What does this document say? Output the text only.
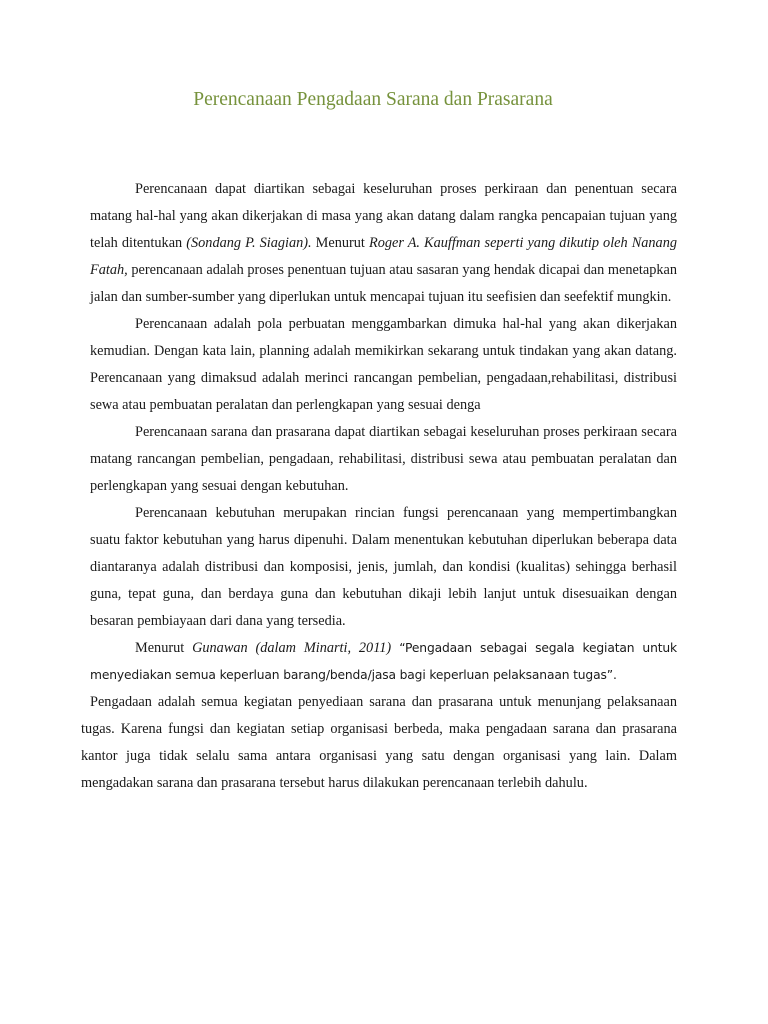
Perencanaan Pengadaan Sarana dan Prasarana

Perencanaan dapat diartikan sebagai keseluruhan proses perkiraan dan penentuan secara matang hal-hal yang akan dikerjakan di masa yang akan datang dalam rangka pencapaian tujuan yang telah ditentukan (Sondang P. Siagian). Menurut Roger A. Kauffman seperti yang dikutip oleh Nanang Fatah, perencanaan adalah proses penentuan tujuan atau sasaran yang hendak dicapai dan menetapkan jalan dan sumber-sumber yang diperlukan untuk mencapai tujuan itu seefisien dan seefektif mungkin.

Perencanaan adalah pola perbuatan menggambarkan dimuka hal-hal yang akan dikerjakan kemudian. Dengan kata lain, planning adalah memikirkan sekarang untuk tindakan yang akan datang. Perencanaan yang dimaksud adalah merinci rancangan pembelian, pengadaan,rehabilitasi, distribusi sewa atau pembuatan peralatan dan perlengkapan yang sesuai denga

Perencanaan sarana dan prasarana dapat diartikan sebagai keseluruhan proses perkiraan secara matang rancangan pembelian, pengadaan, rehabilitasi, distribusi sewa atau pembuatan peralatan dan perlengkapan yang sesuai dengan kebutuhan.

Perencanaan kebutuhan merupakan rincian fungsi perencanaan yang mempertimbangkan suatu faktor kebutuhan yang harus dipenuhi. Dalam menentukan kebutuhan diperlukan beberapa data diantaranya adalah distribusi dan komposisi, jenis, jumlah, dan kondisi (kualitas) sehingga berhasil guna, tepat guna, dan berdaya guna dan kebutuhan dikaji lebih lanjut untuk disesuaikan dengan besaran pembiayaan dari dana yang tersedia.

Menurut Gunawan (dalam Minarti, 2011) “Pengadaan sebagai segala kegiatan untuk menyediakan semua keperluan barang/benda/jasa bagi keperluan pelaksanaan tugas”.

Pengadaan adalah semua kegiatan penyediaan sarana dan prasarana untuk menunjang pelaksanaan tugas. Karena fungsi dan kegiatan setiap organisasi berbeda, maka pengadaan sarana dan prasarana kantor juga tidak selalu sama antara organisasi yang satu dengan organisasi yang lain. Dalam mengadakan sarana dan prasarana tersebut harus dilakukan perencanaan terlebih dahulu.
